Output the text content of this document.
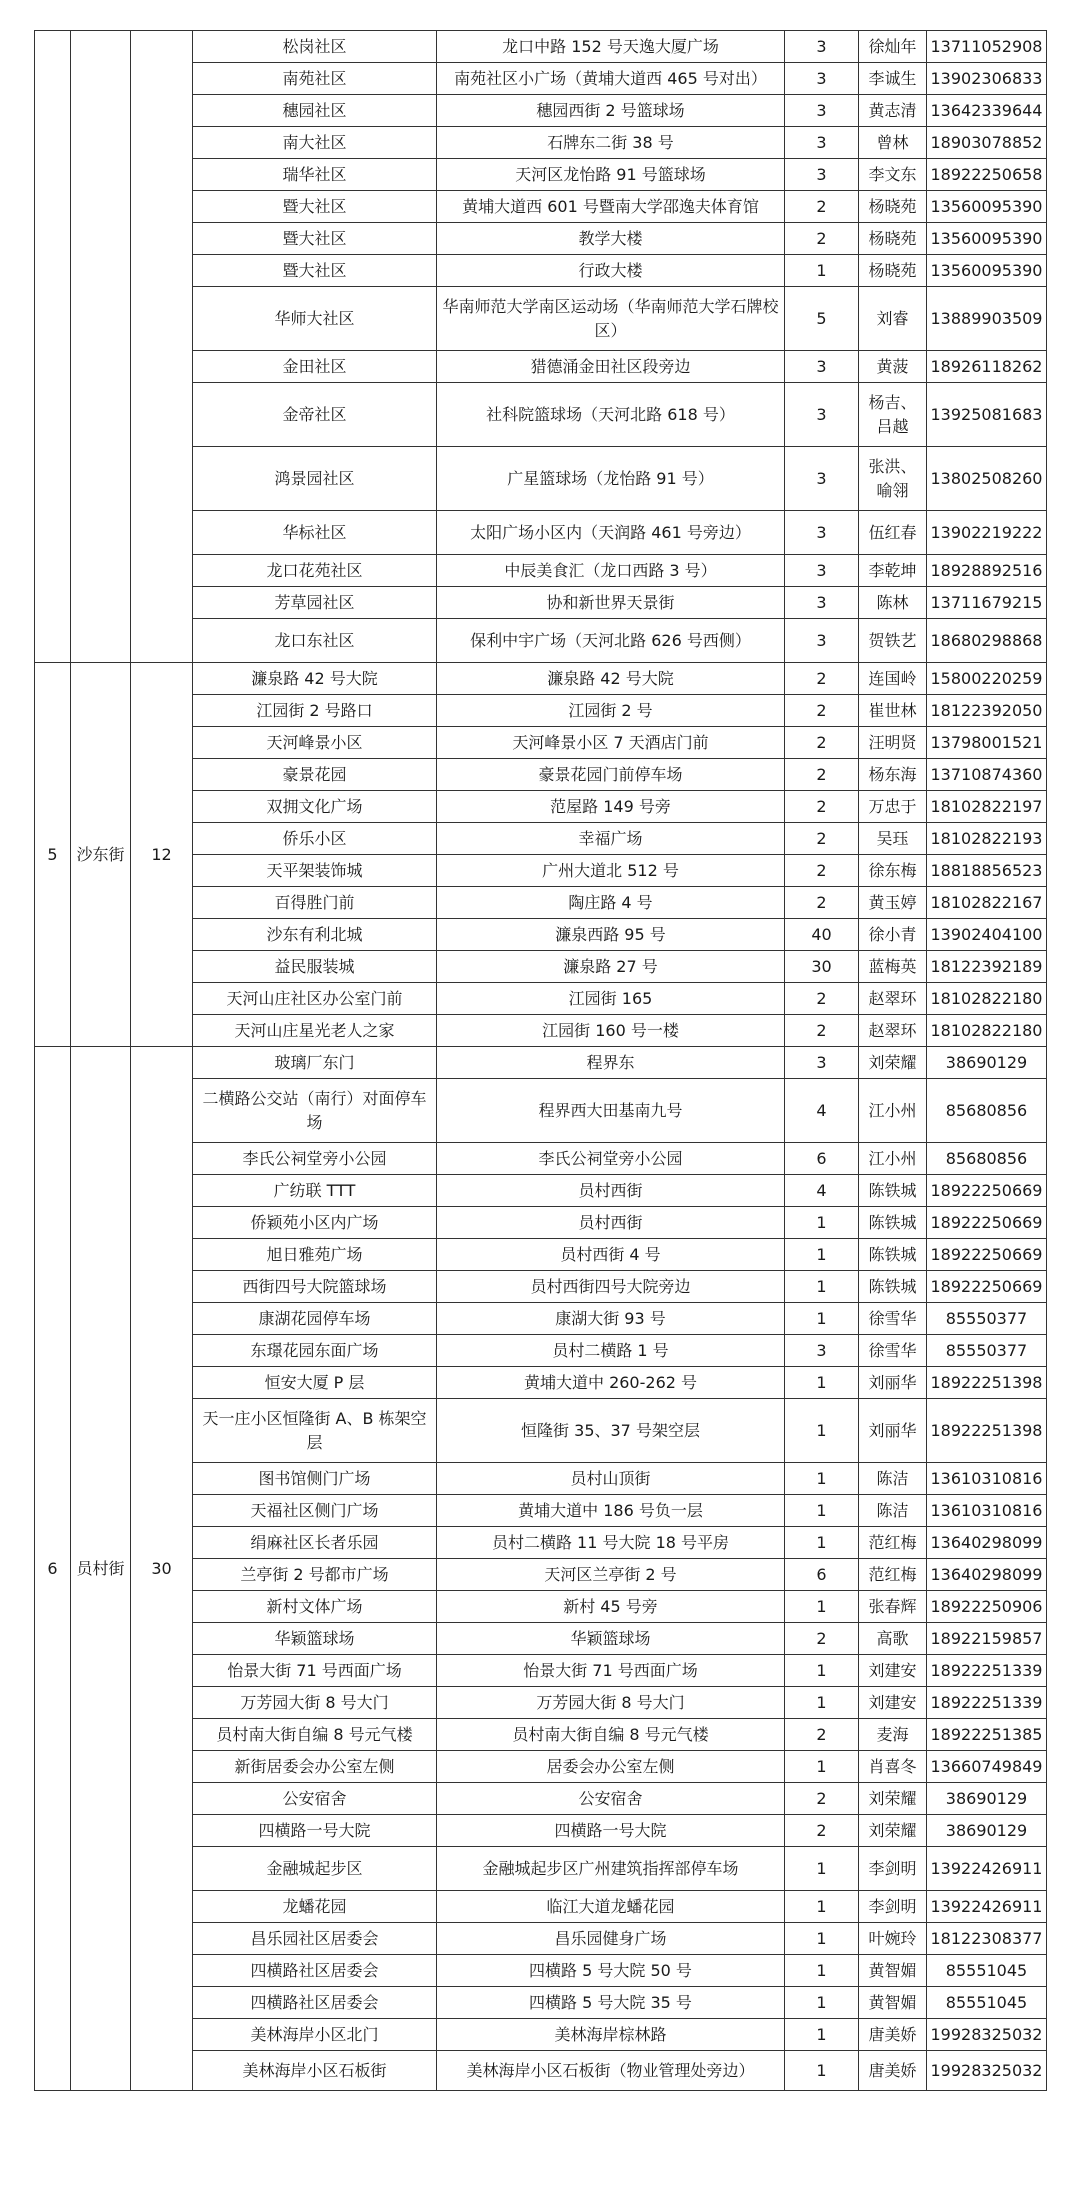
			松岗社区	龙口中路 152 号天逸大厦广场	3	徐灿年	13711052908
			南苑社区	南苑社区小广场（黄埔大道西 465 号对出）	3	李诚生	13902306833
			穗园社区	穗园西街 2 号篮球场	3	黄志清	13642339644
			南大社区	石牌东二街 38 号	3	曾林	18903078852
			瑞华社区	天河区龙怡路 91 号篮球场	3	李文东	18922250658
			暨大社区	黄埔大道西 601 号暨南大学邵逸夫体育馆	2	杨晓苑	13560095390
			暨大社区	教学大楼	2	杨晓苑	13560095390
			暨大社区	行政大楼	1	杨晓苑	13560095390
			华师大社区	华南师范大学南区运动场（华南师范大学石牌校区）	5	刘睿	13889903509
			金田社区	猎德涌金田社区段旁边	3	黄菠	18926118262
			金帝社区	社科院篮球场（天河北路 618 号）	3	杨吉、吕越	13925081683
			鸿景园社区	广星篮球场（龙怡路 91 号）	3	张洪、喻翎	13802508260
			华标社区	太阳广场小区内（天润路 461 号旁边）	3	伍红春	13902219222
			龙口花苑社区	中辰美食汇（龙口西路 3 号）	3	李乾坤	18928892516
			芳草园社区	协和新世界天景街	3	陈林	13711679215
			龙口东社区	保利中宇广场（天河北路 626 号西侧）	3	贺铁艺	18680298868
5	沙东街	12	濂泉路 42 号大院	濂泉路 42 号大院	2	连国岭	15800220259
			江园街 2 号路口	江园街 2 号	2	崔世林	18122392050
			天河峰景小区	天河峰景小区 7 天酒店门前	2	汪明贤	13798001521
			豪景花园	豪景花园门前停车场	2	杨东海	13710874360
			双拥文化广场	范屋路 149 号旁	2	万忠于	18102822197
			侨乐小区	幸福广场	2	吴珏	18102822193
			天平架装饰城	广州大道北 512 号	2	徐东梅	18818856523
			百得胜门前	陶庄路 4 号	2	黄玉婷	18102822167
			沙东有利北城	濂泉西路 95 号	40	徐小青	13902404100
			益民服装城	濂泉路 27 号	30	蓝梅英	18122392189
			天河山庄社区办公室门前	江园街 165	2	赵翠环	18102822180
			天河山庄星光老人之家	江园街 160 号一楼	2	赵翠环	18102822180
6	员村街	30	玻璃厂东门	程界东	3	刘荣耀	38690129
			二横路公交站（南行）对面停车场	程界西大田基南九号	4	江小州	85680856
			李氏公祠堂旁小公园	李氏公祠堂旁小公园	6	江小州	85680856
			广纺联 TTT	员村西街	4	陈铁城	18922250669
			侨颖苑小区内广场	员村西街	1	陈铁城	18922250669
			旭日雅苑广场	员村西街 4 号	1	陈铁城	18922250669
			西街四号大院篮球场	员村西街四号大院旁边	1	陈铁城	18922250669
			康湖花园停车场	康湖大街 93 号	1	徐雪华	85550377
			东璟花园东面广场	员村二横路 1 号	3	徐雪华	85550377
			恒安大厦 P 层	黄埔大道中 260-262 号	1	刘丽华	18922251398
			天一庄小区恒隆街 A、B 栋架空层	恒隆街 35、37 号架空层	1	刘丽华	18922251398
			图书馆侧门广场	员村山顶街	1	陈洁	13610310816
			天福社区侧门广场	黄埔大道中 186 号负一层	1	陈洁	13610310816
			绢麻社区长者乐园	员村二横路 11 号大院 18 号平房	1	范红梅	13640298099
			兰亭街 2 号都市广场	天河区兰亭街 2 号	6	范红梅	13640298099
			新村文体广场	新村 45 号旁	1	张春辉	18922250906
			华颖篮球场	华颖篮球场	2	高歌	18922159857
			怡景大街 71 号西面广场	怡景大街 71 号西面广场	1	刘建安	18922251339
			万芳园大街 8 号大门	万芳园大街 8 号大门	1	刘建安	18922251339
			员村南大街自编 8 号元气楼	员村南大街自编 8 号元气楼	2	麦海	18922251385
			新街居委会办公室左侧	居委会办公室左侧	1	肖喜冬	13660749849
			公安宿舍	公安宿舍	2	刘荣耀	38690129
			四横路一号大院	四横路一号大院	2	刘荣耀	38690129
			金融城起步区	金融城起步区广州建筑指挥部停车场	1	李剑明	13922426911
			龙蟠花园	临江大道龙蟠花园	1	李剑明	13922426911
			昌乐园社区居委会	昌乐园健身广场	1	叶婉玲	18122308377
			四横路社区居委会	四横路 5 号大院 50 号	1	黄智媚	85551045
			四横路社区居委会	四横路 5 号大院 35 号	1	黄智媚	85551045
			美林海岸小区北门	美林海岸棕林路	1	唐美娇	19928325032
			美林海岸小区石板街	美林海岸小区石板街（物业管理处旁边）	1	唐美娇	19928325032
